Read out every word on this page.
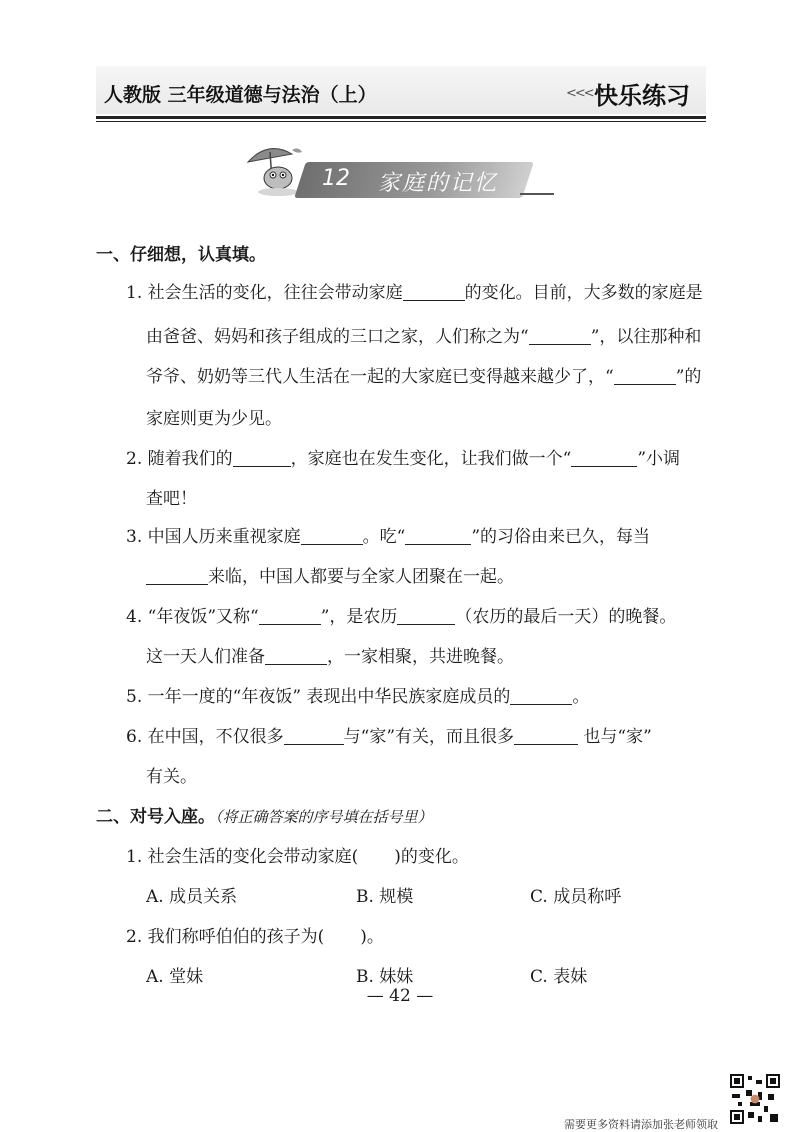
人教版 三年级道德与法治（上）	<<< 快乐练习
12 家庭的记忆
一、仔细想，认真填。
1. 社会生活的变化，往往会带动家庭	的变化。目前，大多数的家庭是
由爸爸、妈妈和孩子组成的三口之家，人们称之为“	”，以往那种和
爷爷、奶奶等三代人生活在一起的大家庭已变得越来越少了，“	”的
家庭则更为少见。
2. 随着我们的	，家庭也在发生变化，让我们做一个“	”小调
查吧！
3. 中国人历来重视家庭	。吃“	”的习俗由来已久，每当
来临，中国人都要与全家人团聚在一起。
4. “年夜饭”又称“	”，是农历	（农历的最后一天）的晚餐。
这一天人们准备	，一家相聚，共进晚餐。
5. 一年一度的“年夜饭” 表现出中华民族家庭成员的	。
6. 在中国，不仅很多	与“家”有关，而且很多	也与“家”
有关。
二、对号入座。（将正确答案的序号填在括号里）
1. 社会生活的变化会带动家庭( )的变化。
A. 成员关系	B. 规模	C. 成员称呼
2. 我们称呼伯伯的孩子为( )。
A. 堂妹	B. 妹妹	C. 表妹
— 42 —
需要更多资料请添加张老师领取
